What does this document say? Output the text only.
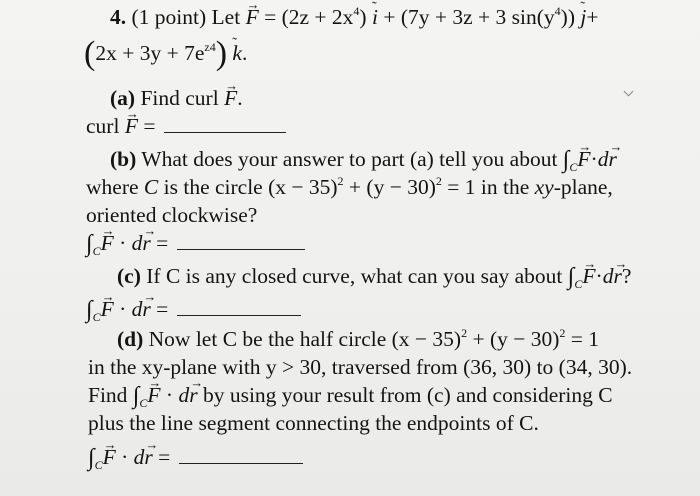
4. (1 point) Let → $F = (2z + 2x^4)$ ˜ i + (7y + 3z + 3 $\sin(y^4)$) ˜ j+
$(2x + 3y + 7e^{z4})$ ˜ k.
(a) Find curl → F.
curl → F =
(b) What does your answer to part (a) tell you about $\int_C\to F\cdot d\to r$
where C is the circle $(x - 35)^2 + (y - 30)^2 = 1$ in the xy-plane,
oriented clockwise?
$\int_C\to F \cdot d\to r$ =
(c) If C is any closed curve, what can you say about $\int_C\to F\cdot d\to r$?
$\int_C\to F \cdot d\to r$ =
(d) Now let C be the half circle $(x - 35)^2 + (y - 30)^2 = 1$
in the xy-plane with y > 30, traversed from (36, 30) to (34, 30).
Find $\int_C\to F \cdot d\to r$ by using your result from (c) and considering C
plus the line segment connecting the endpoints of C.
$\int_C\to F \cdot d\to r$ =
